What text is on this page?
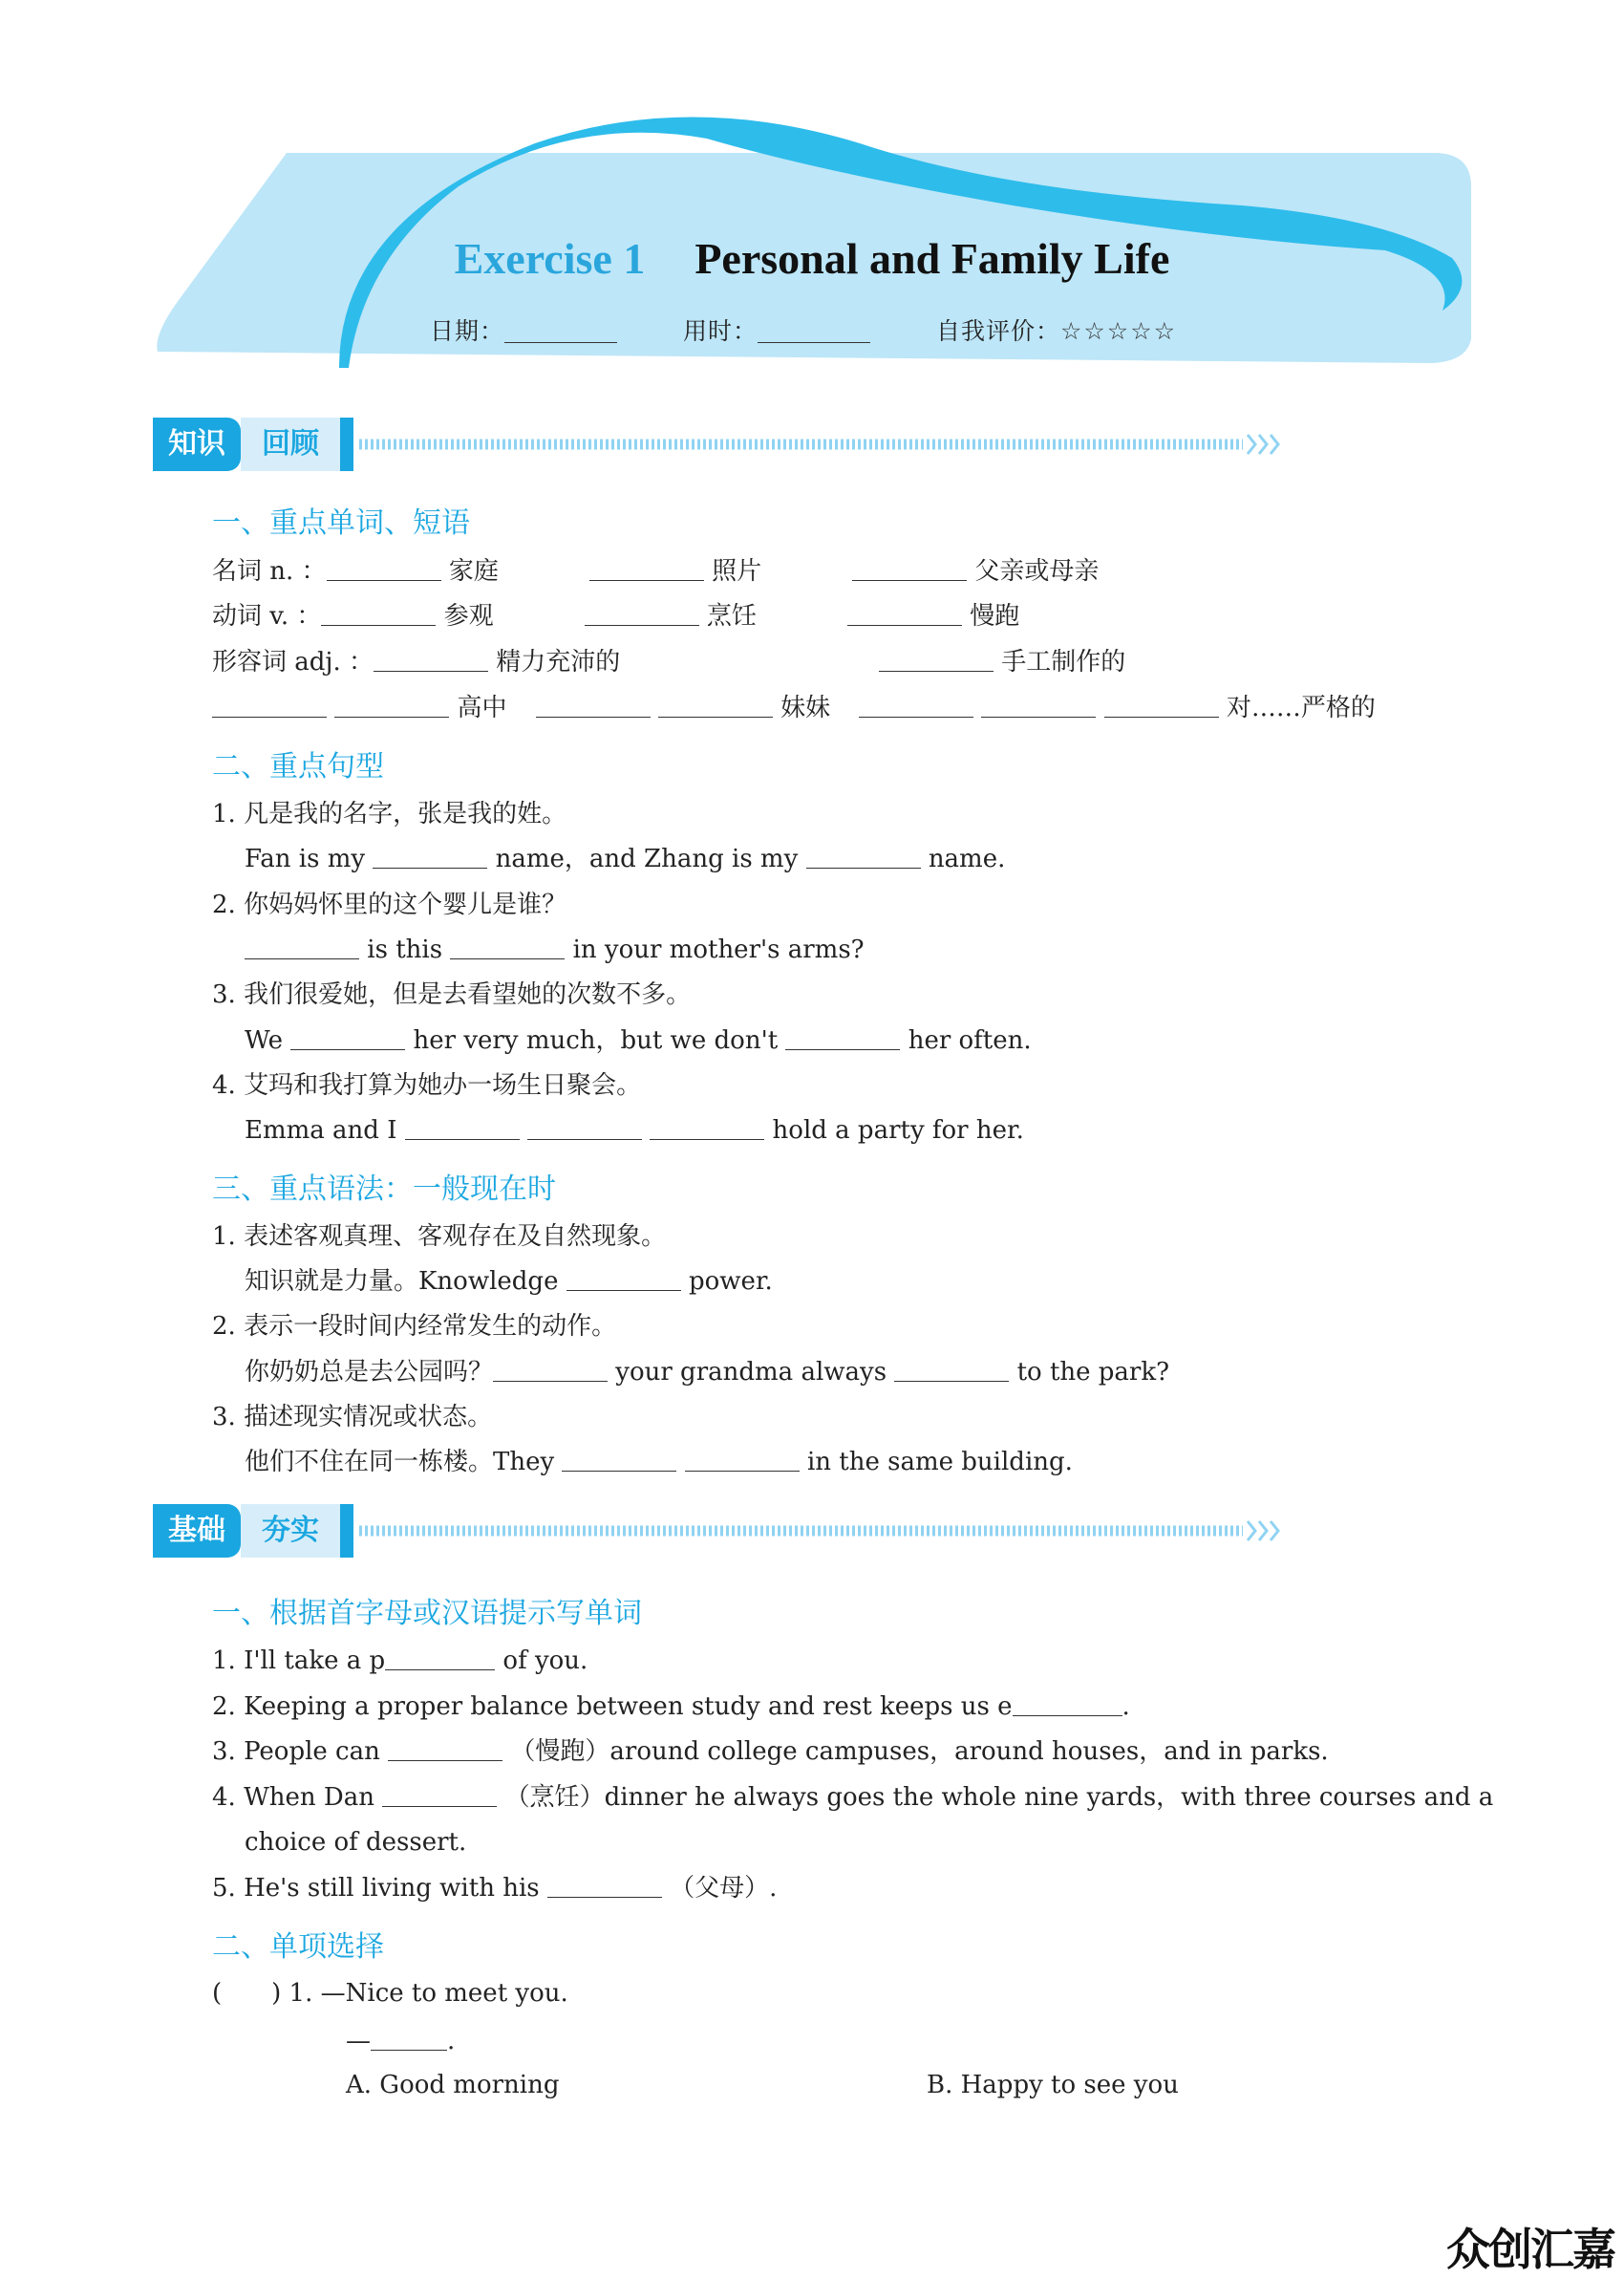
Exercise 1 Personal and Family Life
日期：	用时：	自我评价：☆☆☆☆☆
知识	回顾
一、重点单词、短语
名词 n. ：	家庭	照片	父亲或母亲
动词 v. ：	参观	烹饪	慢跑
形容词 adj. ：	精力充沛的	手工制作的
高中	妹妹	对……严格的
二、重点句型
1. 凡是我的名字，张是我的姓。
Fan is my	name，and Zhang is my	name.
2. 你妈妈怀里的这个婴儿是谁？
is this	in your mother's arms?
3. 我们很爱她，但是去看望她的次数不多。
We	her very much，but we don't	her often.
4. 艾玛和我打算为她办一场生日聚会。
Emma and I	hold a party for her.
三、重点语法：一般现在时
1. 表述客观真理、客观存在及自然现象。
知识就是力量。Knowledge	power.
2. 表示一段时间内经常发生的动作。
你奶奶总是去公园吗？	your grandma always	to the park?
3. 描述现实情况或状态。
他们不住在同一栋楼。They	in the same building.
基础	夯实
一、根据首字母或汉语提示写单词
1. I'll take a p	of you.
2. Keeping a proper balance between study and rest keeps us e	.
3. People can	（慢跑）around college campuses，around houses，and in parks.
4. When Dan	（烹饪）dinner he always goes the whole nine yards，with three courses and a
choice of dessert.
5. He's still living with his	（父母）.
二、单项选择
(　　) 1. —Nice to meet you.
—	.
A. Good morning	B. Happy to see you
众创汇嘉
